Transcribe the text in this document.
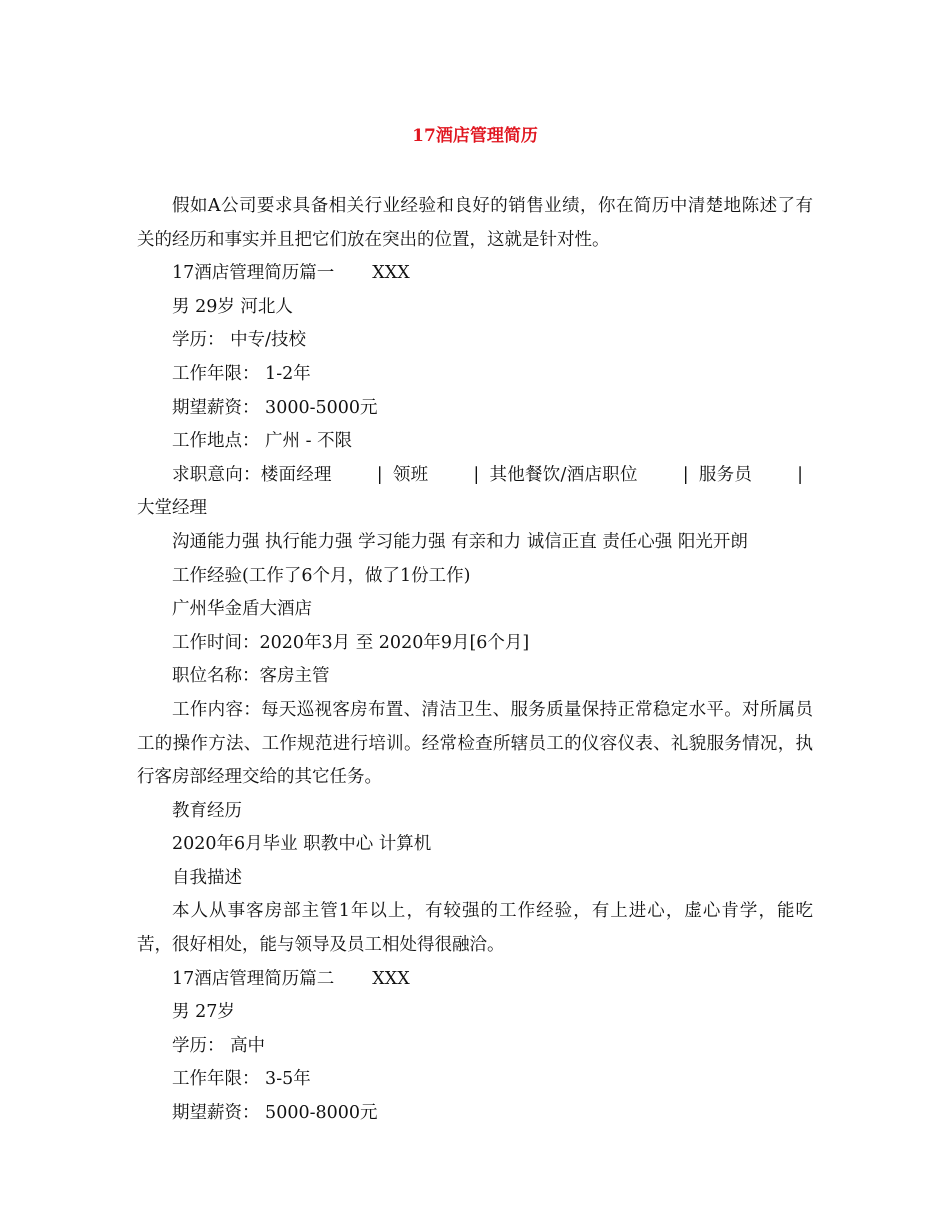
17酒店管理简历

假如A公司要求具备相关行业经验和良好的销售业绩，你在简历中清楚地陈述了有关的经历和事实并且把它们放在突出的位置，这就是针对性。

17酒店管理简历篇一 XXX

男 29岁 河北人

学历： 中专/技校

工作年限： 1-2年

期望薪资： 3000-5000元

工作地点： 广州 - 不限

求职意向：楼面经理	| 领班	| 其他餐饮/酒店职位	| 服务员	|大堂经理

沟通能力强 执行能力强 学习能力强 有亲和力 诚信正直 责任心强 阳光开朗

工作经验(工作了6个月，做了1份工作)

广州华金盾大酒店

工作时间：2020年3月 至 2020年9月[6个月]

职位名称：客房主管

工作内容：每天巡视客房布置、清洁卫生、服务质量保持正常稳定水平。对所属员工的操作方法、工作规范进行培训。经常检查所辖员工的仪容仪表、礼貌服务情况，执行客房部经理交给的其它任务。

教育经历

2020年6月毕业 职教中心 计算机

自我描述

本人从事客房部主管1年以上，有较强的工作经验，有上进心，虚心肯学，能吃苦，很好相处，能与领导及员工相处得很融洽。

17酒店管理简历篇二 XXX

男 27岁

学历： 高中

工作年限： 3-5年

期望薪资： 5000-8000元
